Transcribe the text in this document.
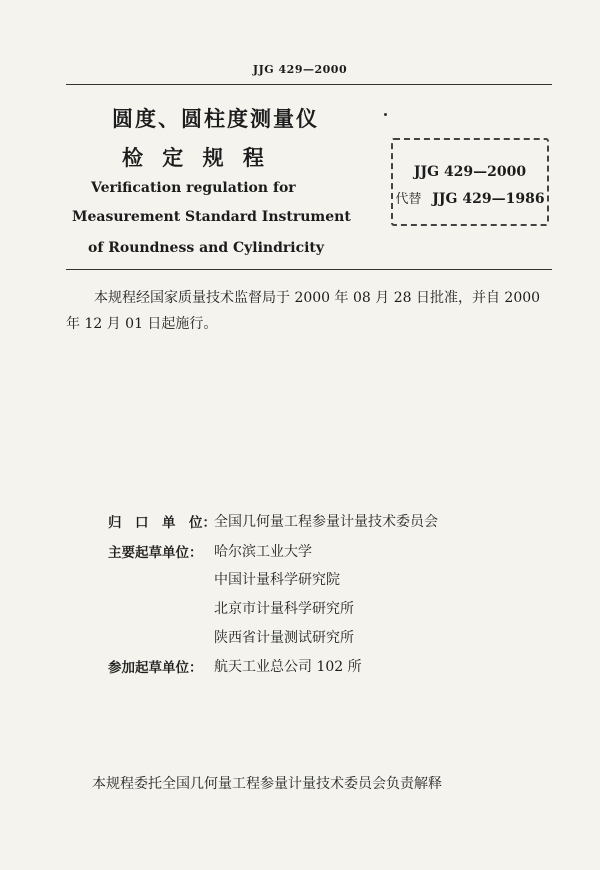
JJG 429—2000
圆度、圆柱度测量仪
检 定 规 程
Verification regulation for
Measurement Standard Instrument
of Roundness and Cylindricity
JJG 429—2000
代替 JJG 429—1986
本规程经国家质量技术监督局于 2000 年 08 月 28 日批准，并自 2000 年 12 月 01 日起施行。
归　口　单　位：
全国几何量工程参量计量技术委员会
主要起草单位： 哈尔滨工业大学
中国计量科学研究院
北京市计量科学研究所
陕西省计量测试研究所
参加起草单位： 航天工业总公司 102 所
本规程委托全国几何量工程参量计量技术委员会负责解释
